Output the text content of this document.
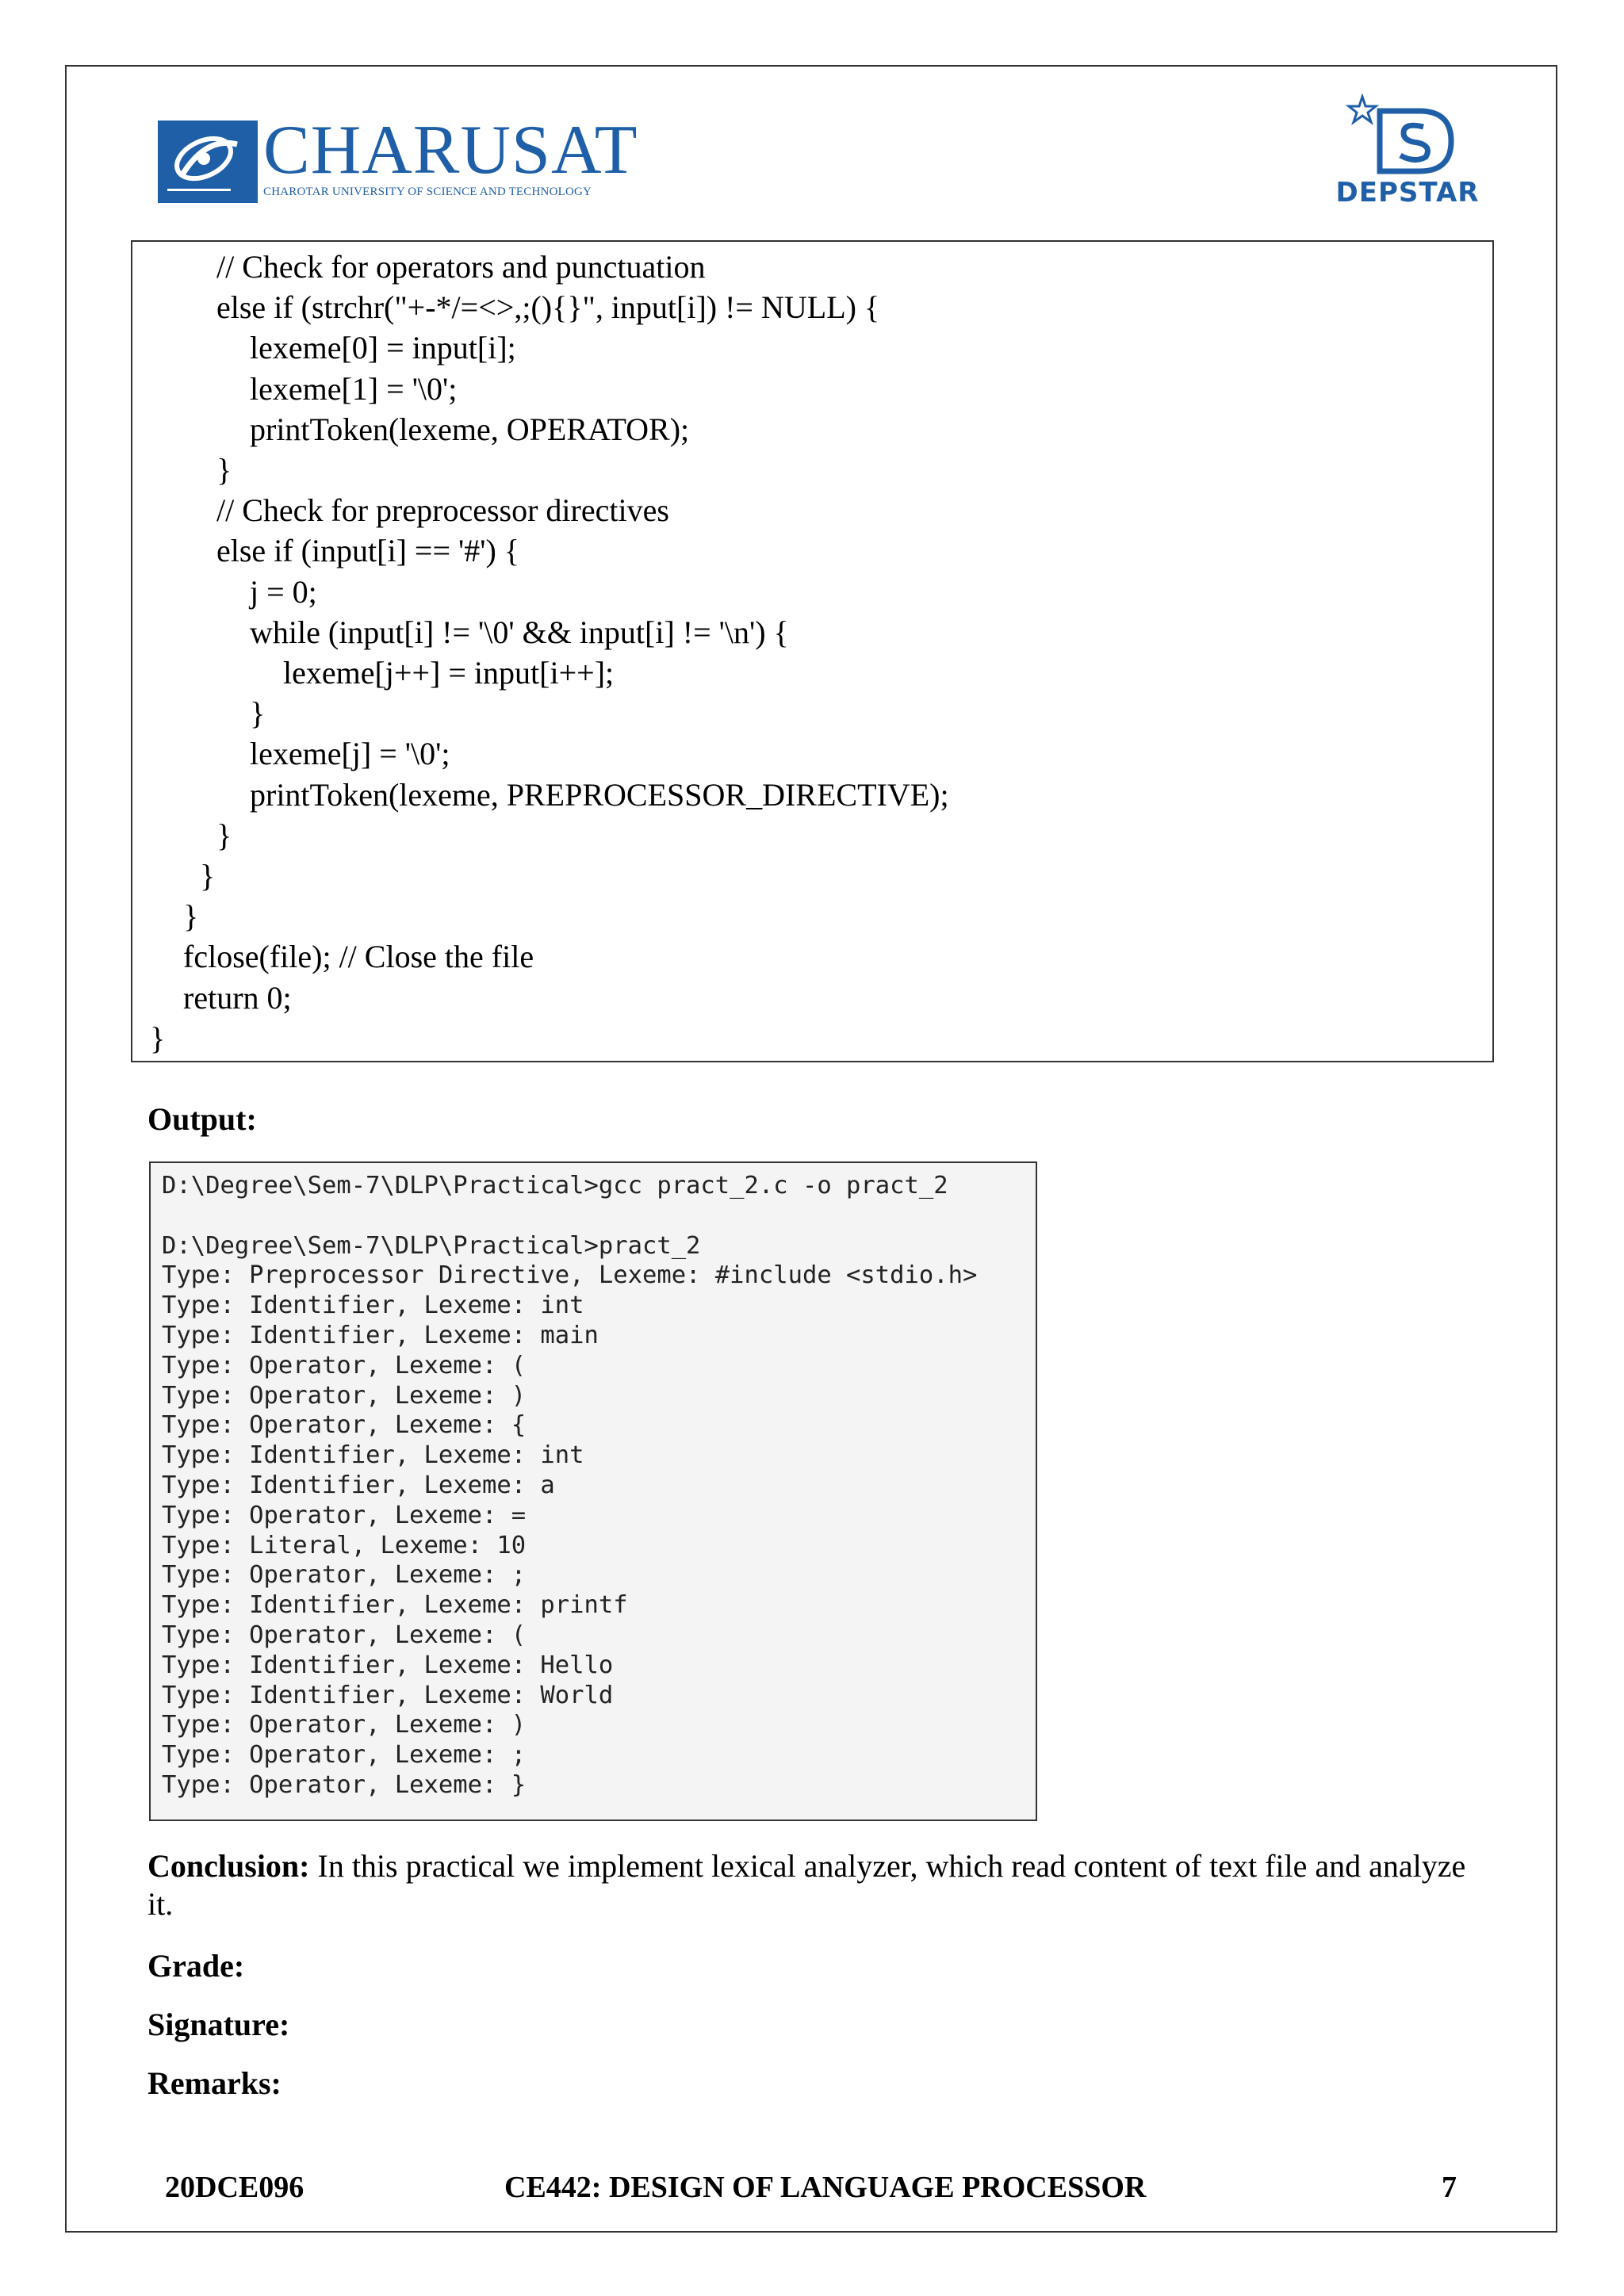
CHARUSAT
CHAROTAR UNIVERSITY OF SCIENCE AND TECHNOLOGY	DEPSTAR
// Check for operators and punctuation
else if (strchr("+-*/=<>,;(){}", input[i]) != NULL) {
lexeme[0] = input[i];
lexeme[1] = '\0';
printToken(lexeme, OPERATOR);
}
// Check for preprocessor directives
else if (input[i] == '#') {
j = 0;
while (input[i] != '\0' && input[i] != '\n') {
lexeme[j++] = input[i++];
}
lexeme[j] = '\0';
printToken(lexeme, PREPROCESSOR_DIRECTIVE);
}
}
}
fclose(file); // Close the file
return 0;
}
Output:
D:\Degree\Sem-7\DLP\Practical>gcc pract_2.c -o pract_2
D:\Degree\Sem-7\DLP\Practical>pract_2
Type: Preprocessor Directive, Lexeme: #include <stdio.h>
Type: Identifier, Lexeme: int
Type: Identifier, Lexeme: main
Type: Operator, Lexeme: (
Type: Operator, Lexeme: )
Type: Operator, Lexeme: {
Type: Identifier, Lexeme: int
Type: Identifier, Lexeme: a
Type: Operator, Lexeme: =
Type: Literal, Lexeme: 10
Type: Operator, Lexeme: ;
Type: Identifier, Lexeme: printf
Type: Operator, Lexeme: (
Type: Identifier, Lexeme: Hello
Type: Identifier, Lexeme: World
Type: Operator, Lexeme: )
Type: Operator, Lexeme: ;
Type: Operator, Lexeme: }
Conclusion: In this practical we implement lexical analyzer, which read content of text file and analyze it.
Grade:
Signature:
Remarks:
20DCE096	CE442: DESIGN OF LANGUAGE PROCESSOR	7
